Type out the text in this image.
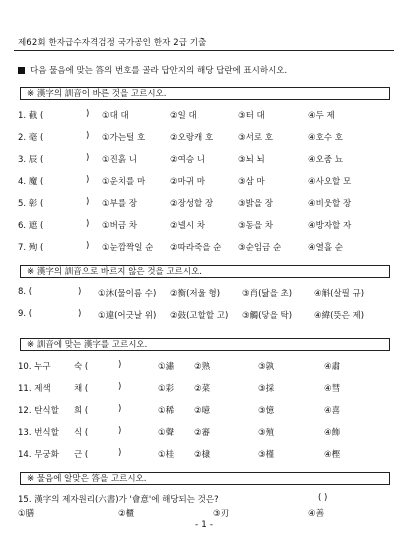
제62회 한자급수자격검정 국가공인 한자 2급 기출
다음 물음에 맞는 答의 번호를 골라 답안지의 해당 답란에 표시하시오.
※ 漢字의 訓音이 바른 것을 고르시오.
1. 截 (	) ①대 대	②일 대	③터 대	④두 제
2. 毫 (	) ①가는털 호	②오랑캐 호	③서로 호	④호수 호
3. 辰 (	) ①진흙 니	②여승 니	③뇌 뇌	④오줌 뇨
4. 魔 (	) ①운치를 마	②마귀 마	③삼 마	④사오할 모
5. 彰 (	) ①부를 장	②장성할 장	③밝을 장	④비웃할 장
6. 遮 (	) ①버금 차	②넬시 차	③동을 차	④방자할 자
7. 殉 (	) ①눈깜짝일 순 ②따라죽을 순 ③순임금 순	④열흘 순
※ 漢字의 訓音으로 바르지 않은 것을 고르시오.
8. (	) ①沐(물이름 수) ②衡(저울 형)	③肖(닮을 초)	④斛(살필 규)
9. (	) ①違(어긋날 위) ②鼓(고할할 고) ③觸(닿을 탁)	④緯(뜻은 제)
※ 訓音에 맞는 漢字를 고르시오.
10. 누구	숙 (	)	①潚 ②熟	③孰	④肅
11. 제색	채 (	)	①彩 ②菜	③採	④彗
12. 탄식할 희 (	)	①稀 ②噫	③憶	④喜
13. 번식할 식 (	)	①聲 ②審	③殖	④飾
14. 무궁화 근 (	)	①桂 ②棣	③槿	④樫
※ 물음에 알맞은 答을 고르시오.
15. 漢字의 제자원리(六書)가 '會意'에 해당되는 것은?	( )
①膳	②櫃	③刃	④善
- 1 -
